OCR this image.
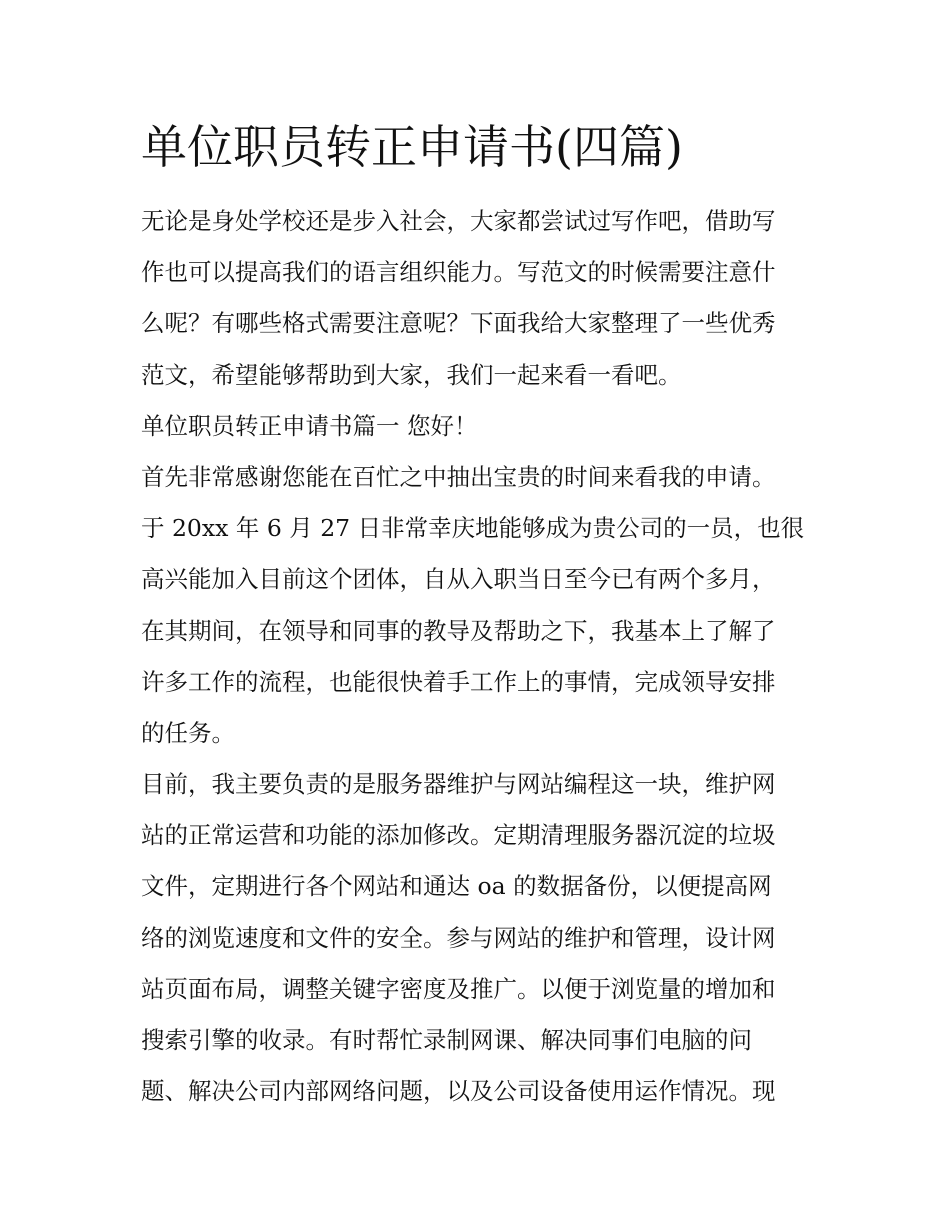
单位职员转正申请书(四篇)
无论是身处学校还是步入社会，大家都尝试过写作吧，借助写
作也可以提高我们的语言组织能力。写范文的时候需要注意什
么呢？有哪些格式需要注意呢？下面我给大家整理了一些优秀
范文，希望能够帮助到大家，我们一起来看一看吧。
单位职员转正申请书篇一 您好！
首先非常感谢您能在百忙之中抽出宝贵的时间来看我的申请。
于 20xx 年 6 月 27 日非常幸庆地能够成为贵公司的一员，也很
高兴能加入目前这个团体，自从入职当日至今已有两个多月，
在其期间，在领导和同事的教导及帮助之下，我基本上了解了
许多工作的流程，也能很快着手工作上的事情，完成领导安排
的任务。
目前，我主要负责的是服务器维护与网站编程这一块，维护网
站的正常运营和功能的添加修改。定期清理服务器沉淀的垃圾
文件，定期进行各个网站和通达 oa 的数据备份，以便提高网
络的浏览速度和文件的安全。参与网站的维护和管理，设计网
站页面布局，调整关键字密度及推广。以便于浏览量的增加和
搜索引擎的收录。有时帮忙录制网课、解决同事们电脑的问
题、解决公司内部网络问题，以及公司设备使用运作情况。现
